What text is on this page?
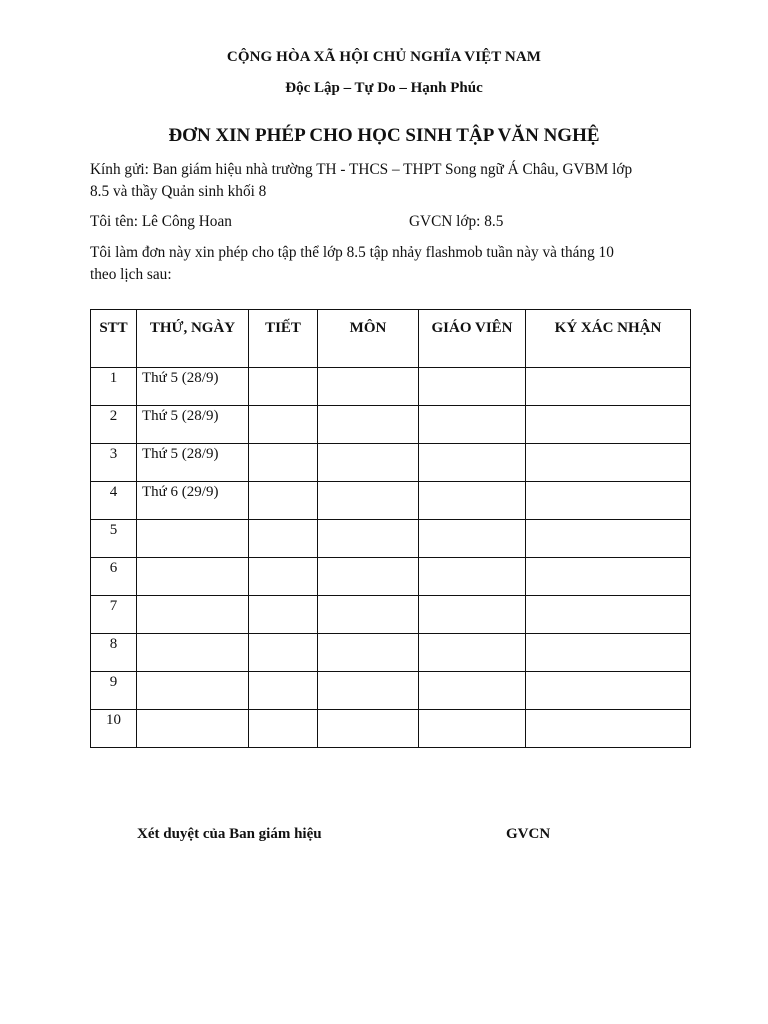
CỘNG HÒA XÃ HỘI CHỦ NGHĨA VIỆT NAM
Độc Lập – Tự Do – Hạnh Phúc
ĐƠN XIN PHÉP CHO HỌC SINH TẬP VĂN NGHỆ
Kính gửi: Ban giám hiệu nhà trường TH - THCS – THPT Song ngữ Á Châu, GVBM lớp
8.5 và thầy Quản sinh khối 8
Tôi tên: Lê Công Hoan	GVCN lớp: 8.5
Tôi làm đơn này xin phép cho tập thể lớp 8.5 tập nhảy flashmob tuần này và tháng 10
theo lịch sau:
STT	THỨ, NGÀY	TIẾT	MÔN	GIÁO VIÊN	KÝ XÁC NHẬN
1	Thứ 5 (28/9)				
2	Thứ 5 (28/9)				
3	Thứ 5 (28/9)				
4	Thứ 6 (29/9)				
5					
6					
7					
8					
9					
10					
Xét duyệt của Ban giám hiệu	GVCN
